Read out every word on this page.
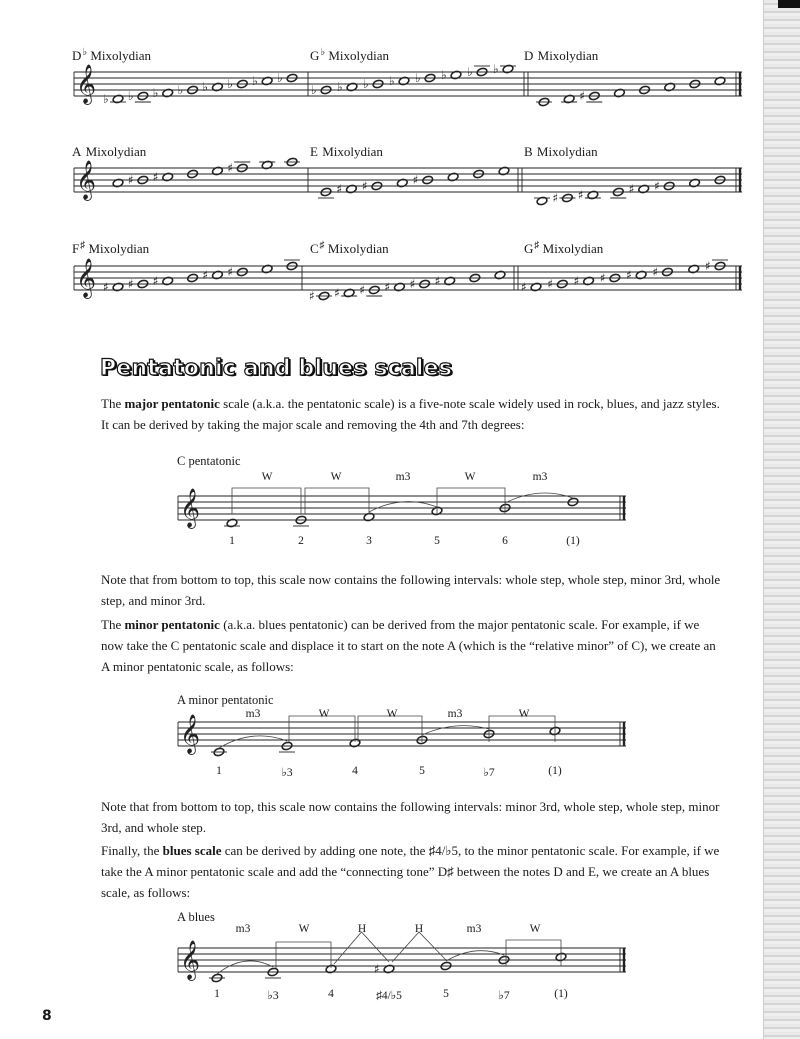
𝄞
𝄞
𝄞
♭ ♭ ♭ ♭ ♭ ♭ ♭ ♭
♭ ♭ ♭ ♭ ♭ ♭ ♭ ♭
♯
♯ ♯
♯
♯ ♯	♯
♯ ♯	♯ ♯
♯ ♯ ♯	♯ ♯
♯ ♯ ♯ ♯ ♯ ♯	♯ ♯ ♯ ♯ ♯ ♯	♯
D♭ Mixolydian	G♭ Mixolydian	D Mixolydian
A Mixolydian	E Mixolydian	B Mixolydian
F♯ Mixolydian	C♯ Mixolydian	G♯ Mixolydian
Pentatonic and blues scales

The major pentatonic scale (a.k.a. the pentatonic scale) is a five-note scale widely used in rock, blues, and jazz styles. It can be derived by taking the major scale and removing the 4th and 7th degrees:

C pentatonic
𝄞
𝄞
𝄞	♯
W	W	m3	W	m3
1	2	3	5	6	(1)

Note that from bottom to top, this scale now contains the following intervals: whole step, whole step, minor 3rd, whole step, and minor 3rd.

The minor pentatonic (a.k.a. blues pentatonic) can be derived from the major pentatonic scale. For example, if we now take the C pentatonic scale and displace it to start on the note A (which is the “relative minor” of C), we create an A minor pentatonic scale, as follows:

A minor pentatonic
m3	W	W	m3	W
1	♭3	4	5	♭7	(1)

Note that from bottom to top, this scale now contains the following intervals: minor 3rd, whole step, whole step, minor 3rd, and whole step.

Finally, the blues scale can be derived by adding one note, the ♯4/♭5, to the minor pentatonic scale. For example, if we take the A minor pentatonic scale and add the “connecting tone” D♯ between the notes D and E, we create an A blues scale, as follows:

A blues
m3	W	H	H	m3	W
1	♭3	4	♯4/♭5	5	♭7	(1)
8
